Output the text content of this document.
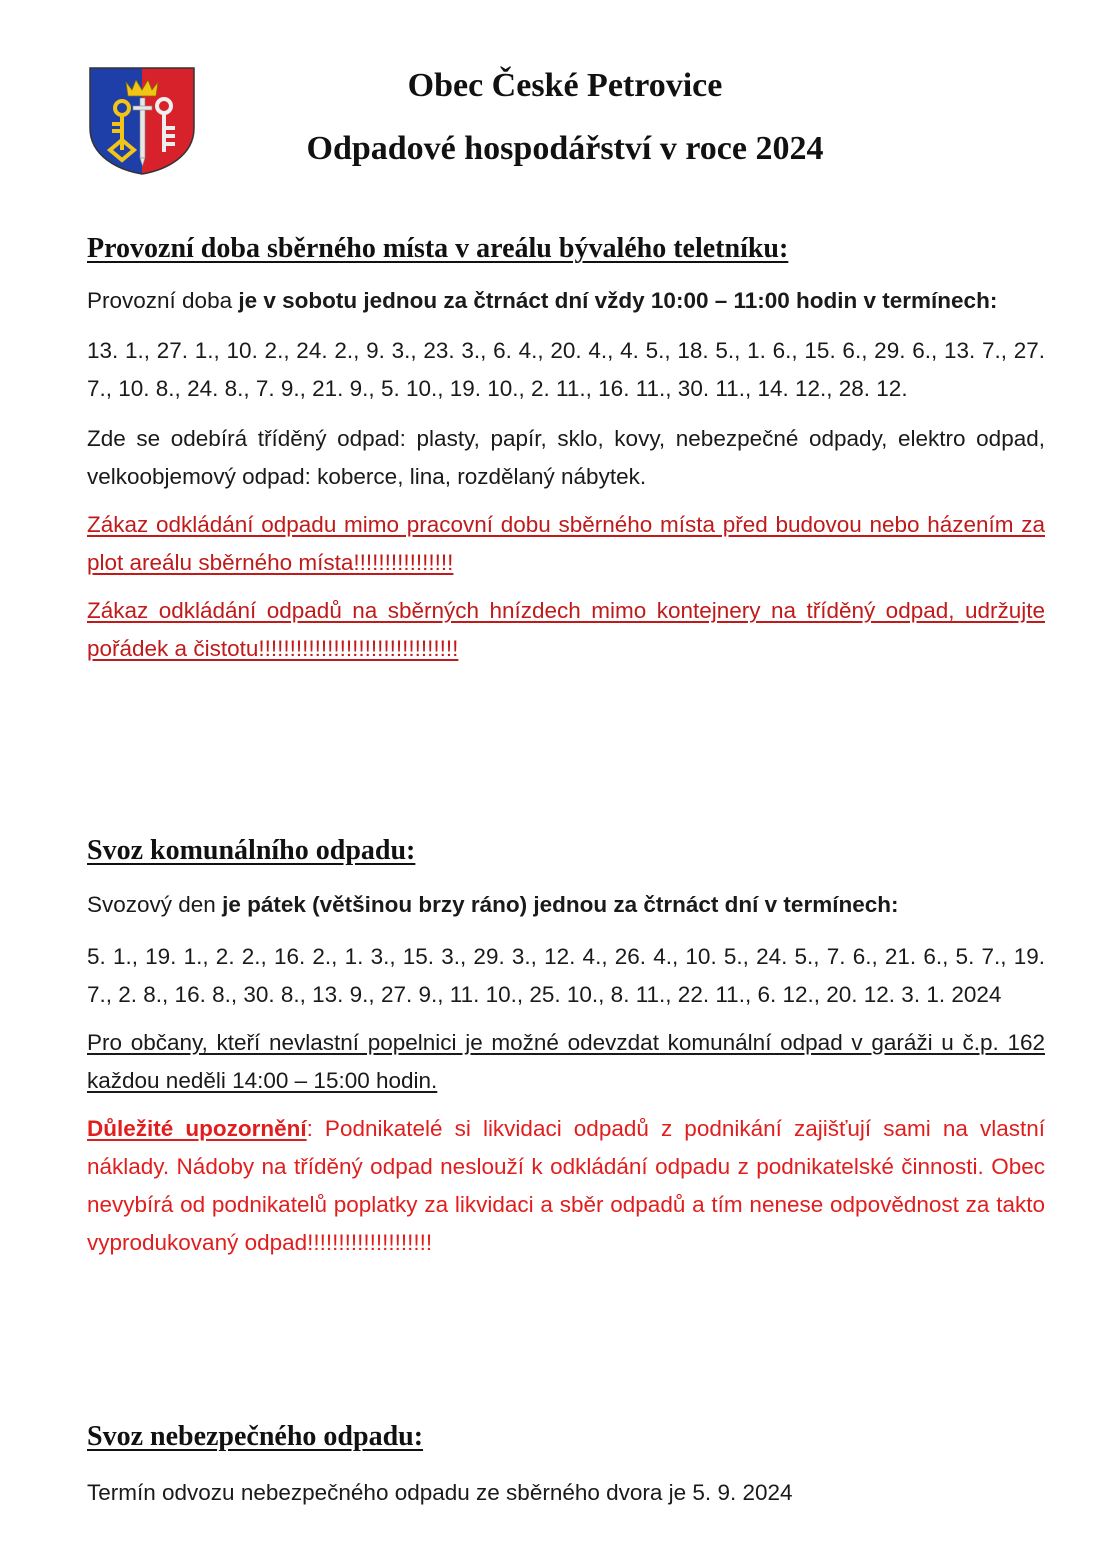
Obec České Petrovice
Odpadové hospodářství v roce 2024
Provozní doba sběrného místa v areálu bývalého teletníku:

Provozní doba je v sobotu jednou za čtrnáct dní vždy 10:00 – 11:00 hodin v termínech:

13. 1., 27. 1., 10. 2., 24. 2., 9. 3., 23. 3., 6. 4., 20. 4., 4. 5., 18. 5., 1. 6., 15. 6., 29. 6., 13. 7., 27. 7., 10. 8., 24. 8., 7. 9., 21. 9., 5. 10., 19. 10., 2. 11., 16. 11., 30. 11., 14. 12., 28. 12.

Zde se odebírá tříděný odpad: plasty, papír, sklo, kovy, nebezpečné odpady, elektro odpad, velkoobjemový odpad: koberce, lina, rozdělaný nábytek.

Zákaz odkládání odpadu mimo pracovní dobu sběrného místa před budovou nebo házením za plot areálu sběrného místa!!!!!!!!!!!!!!!!

Zákaz odkládání odpadů na sběrných hnízdech mimo kontejnery na tříděný odpad, udržujte pořádek a čistotu!!!!!!!!!!!!!!!!!!!!!!!!!!!!!!!!

Svoz komunálního odpadu:

Svozový den je pátek (většinou brzy ráno) jednou za čtrnáct dní v termínech:

5. 1., 19. 1., 2. 2., 16. 2., 1. 3., 15. 3., 29. 3., 12. 4., 26. 4., 10. 5., 24. 5., 7. 6., 21. 6., 5. 7., 19. 7., 2. 8., 16. 8., 30. 8., 13. 9., 27. 9., 11. 10., 25. 10., 8. 11., 22. 11., 6. 12., 20. 12. 3. 1. 2024

Pro občany, kteří nevlastní popelnici je možné odevzdat komunální odpad v garáži u č.p. 162 každou neděli 14:00 – 15:00 hodin.

Důležité upozornění: Podnikatelé si likvidaci odpadů z podnikání zajišťují sami na vlastní náklady. Nádoby na tříděný odpad neslouží k odkládání odpadu z podnikatelské činnosti. Obec nevybírá od podnikatelů poplatky za likvidaci a sběr odpadů a tím nenese odpovědnost za takto vyprodukovaný odpad!!!!!!!!!!!!!!!!!!!!

Svoz nebezpečného odpadu:

Termín odvozu nebezpečného odpadu ze sběrného dvora je 5. 9. 2024
